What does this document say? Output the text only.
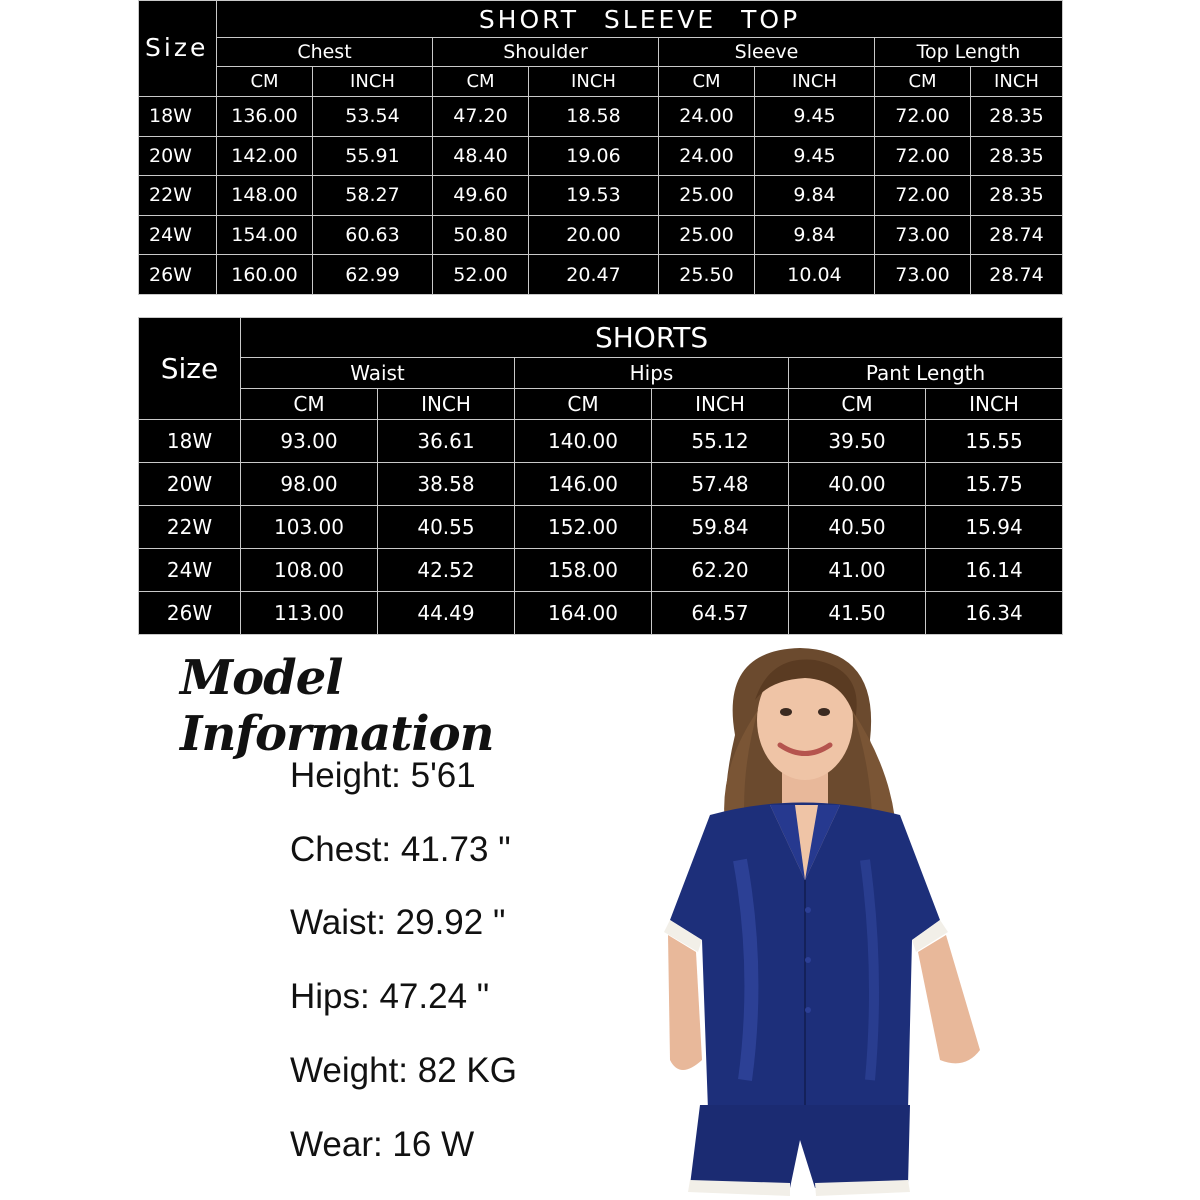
Size	SHORT SLEEVE TOP							
	Chest		Shoulder		Sleeve		Top Length	
	CM	INCH	CM	INCH	CM	INCH	CM	INCH
18W	136.00	53.54	47.20	18.58	24.00	9.45	72.00	28.35
20W	142.00	55.91	48.40	19.06	24.00	9.45	72.00	28.35
22W	148.00	58.27	49.60	19.53	25.00	9.84	72.00	28.35
24W	154.00	60.63	50.80	20.00	25.00	9.84	73.00	28.74
26W	160.00	62.99	52.00	20.47	25.50	10.04	73.00	28.74
Size	SHORTS					
	Waist		Hips		Pant Length	
	CM	INCH	CM	INCH	CM	INCH
18W	93.00	36.61	140.00	55.12	39.50	15.55
20W	98.00	38.58	146.00	57.48	40.00	15.75
22W	103.00	40.55	152.00	59.84	40.50	15.94
24W	108.00	42.52	158.00	62.20	41.00	16.14
26W	113.00	44.49	164.00	64.57	41.50	16.34
Model Information

Height: 5'61

Chest: 41.73 "

Waist: 29.92 "

Hips: 47.24 "

Weight: 82 KG

Wear: 16 W
